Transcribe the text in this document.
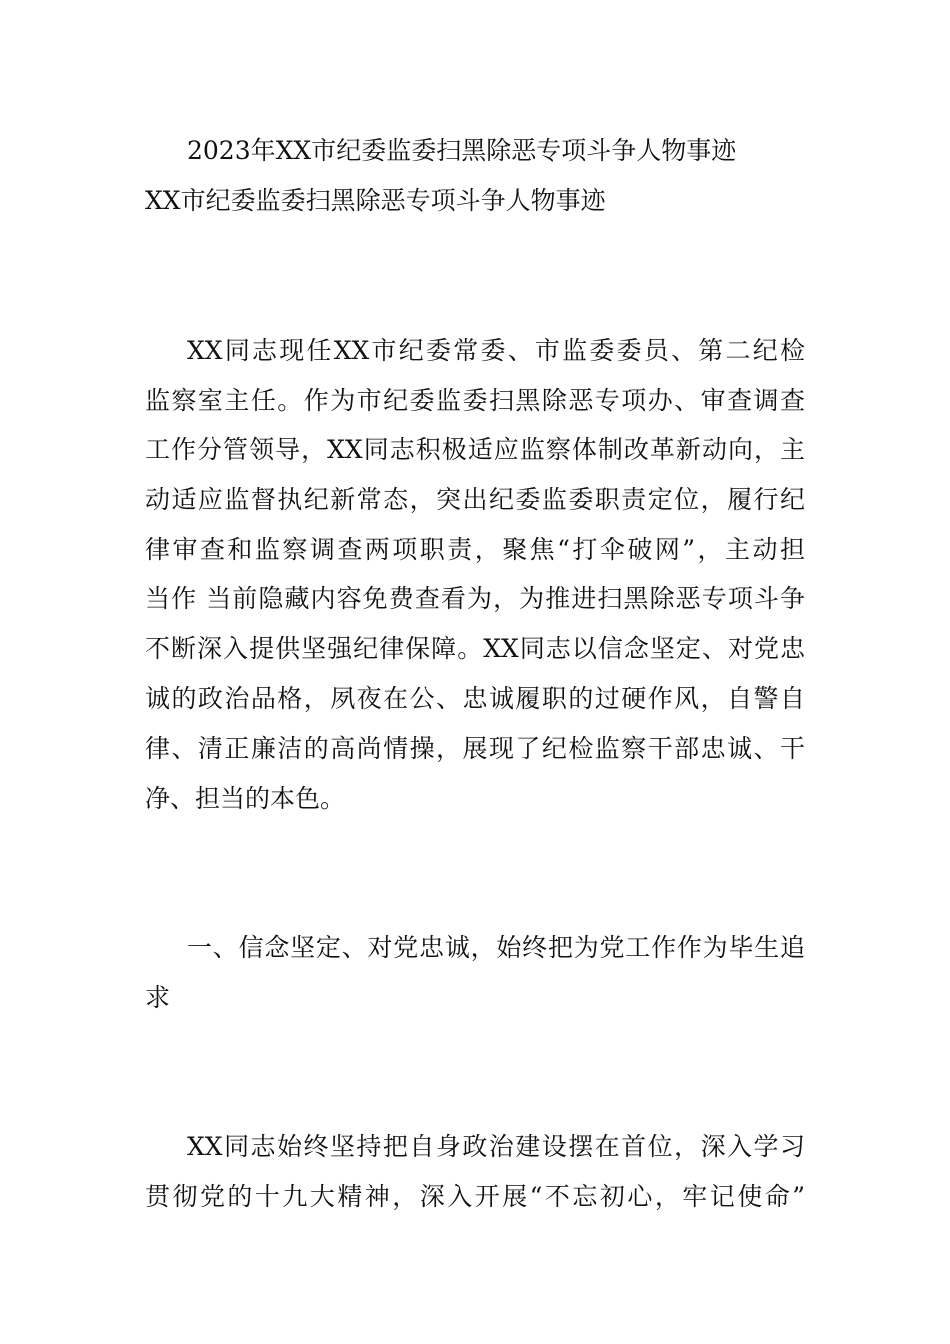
2023年XX市纪委监委扫黑除恶专项斗争人物事迹
XX市纪委监委扫黑除恶专项斗争人物事迹
XX同志现任XX市纪委常委、市监委委员、第二纪检
监察室主任。作为市纪委监委扫黑除恶专项办、审查调查
工作分管领导，XX同志积极适应监察体制改革新动向，主
动适应监督执纪新常态，突出纪委监委职责定位，履行纪
律审查和监察调查两项职责，聚焦“打伞破网”，主动担
当作 当前隐藏内容免费查看为，为推进扫黑除恶专项斗争
不断深入提供坚强纪律保障。XX同志以信念坚定、对党忠
诚的政治品格，夙夜在公、忠诚履职的过硬作风，自警自
律、清正廉洁的高尚情操，展现了纪检监察干部忠诚、干
净、担当的本色。
一、信念坚定、对党忠诚，始终把为党工作作为毕生追
求
XX同志始终坚持把自身政治建设摆在首位，深入学习
贯彻党的十九大精神，深入开展“不忘初心，牢记使命”
